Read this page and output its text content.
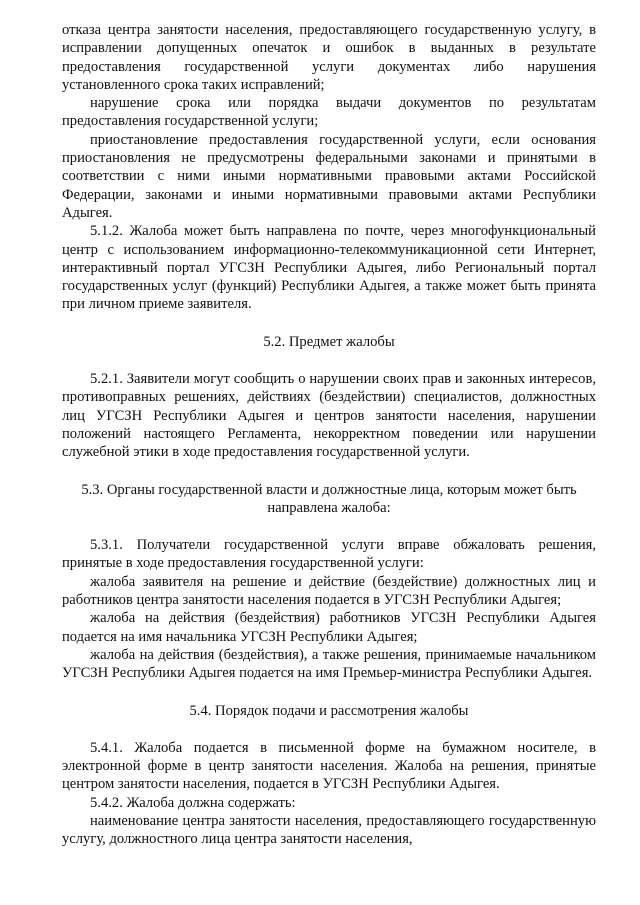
отказа центра занятости населения, предоставляющего государственную услугу, в исправлении допущенных опечаток и ошибок в выданных в результате предоставления государственной услуги документах либо нарушения установленного срока таких исправлений;

нарушение срока или порядка выдачи документов по результатам предоставления государственной услуги;

приостановление предоставления государственной услуги, если основания приостановления не предусмотрены федеральными законами и принятыми в соответствии с ними иными нормативными правовыми актами Российской Федерации, законами и иными нормативными правовыми актами Республики Адыгея.

5.1.2. Жалоба может быть направлена по почте, через многофункциональный центр с использованием информационно-телекоммуникационной сети Интернет, интерактивный портал УГСЗН Республики Адыгея, либо Региональный портал государственных услуг (функций) Республики Адыгея, а также может быть принята при личном приеме заявителя.

5.2. Предмет жалобы

5.2.1. Заявители могут сообщить о нарушении своих прав и законных интересов, противоправных решениях, действиях (бездействии) специалистов, должностных лиц УГСЗН Республики Адыгея и центров занятости населения, нарушении положений настоящего Регламента, некорректном поведении или нарушении служебной этики в ходе предоставления государственной услуги.

5.3. Органы государственной власти и должностные лица, которым может быть направлена жалоба:

5.3.1. Получатели государственной услуги вправе обжаловать решения, принятые в ходе предоставления государственной услуги:

жалоба заявителя на решение и действие (бездействие) должностных лиц и работников центра занятости населения подается в УГСЗН Республики Адыгея;

жалоба на действия (бездействия) работников УГСЗН Республики Адыгея подается на имя начальника УГСЗН Республики Адыгея;

жалоба на действия (бездействия), а также решения, принимаемые начальником УГСЗН Республики Адыгея подается на имя Премьер-министра Республики Адыгея.

5.4. Порядок подачи и рассмотрения жалобы

5.4.1. Жалоба подается в письменной форме на бумажном носителе, в электронной форме в центр занятости населения. Жалоба на решения, принятые центром занятости населения, подается в УГСЗН Республики Адыгея.

5.4.2. Жалоба должна содержать:

наименование центра занятости населения, предоставляющего государственную услугу, должностного лица центра занятости населения,
